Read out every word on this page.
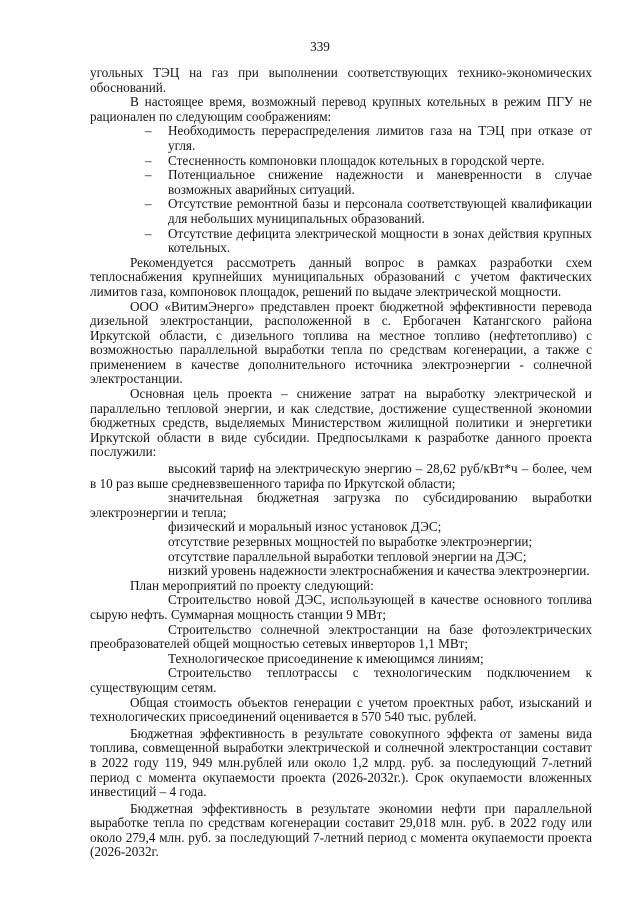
339

угольных ТЭЦ на газ при выполнении соответствующих технико-экономических обоснований.

В настоящее время, возможный перевод крупных котельных в режим ПГУ не рационален по следующим соображениям:

– Необходимость перераспределения лимитов газа на ТЭЦ при отказе от угля.

– Стесненность компоновки площадок котельных в городской черте.

– Потенциальное снижение надежности и маневренности в случае возможных аварийных ситуаций.

– Отсутствие ремонтной базы и персонала соответствующей квалификации для небольших муниципальных образований.

– Отсутствие дефицита электрической мощности в зонах действия крупных котельных.

Рекомендуется рассмотреть данный вопрос в рамках разработки схем теплоснабжения крупнейших муниципальных образований с учетом фактических лимитов газа, компоновок площадок, решений по выдаче электрической мощности.

ООО «ВитимЭнерго» представлен проект бюджетной эффективности перевода дизельной электростанции, расположенной в с. Ербогачен Катангского района Иркутской области, с дизельного топлива на местное топливо (нефтетопливо) с возможностью параллельной выработки тепла по средствам когенерации, а также с применением в качестве дополнительного источника электроэнергии - солнечной электростанции.

Основная цель проекта – снижение затрат на выработку электрической и параллельно тепловой энергии, и как следствие, достижение существенной экономии бюджетных средств, выделяемых Министерством жилищной политики и энергетики Иркутской области в виде субсидии. Предпосылками к разработке данного проекта послужили:

высокий тариф на электрическую энергию – 28,62 руб/кВт*ч – более, чем в 10 раз выше средневзвешенного тарифа по Иркутской области;

значительная бюджетная загрузка по субсидированию выработки электроэнергии и тепла;

физический и моральный износ установок ДЭС;

отсутствие резервных мощностей по выработке электроэнергии;

отсутствие параллельной выработки тепловой энергии на ДЭС;

низкий уровень надежности электроснабжения и качества электроэнергии.

План мероприятий по проекту следующий:

Строительство новой ДЭС, использующей в качестве основного топлива сырую нефть. Суммарная мощность станции 9 МВт;

Строительство солнечной электростанции на базе фотоэлектрических преобразователей общей мощностью сетевых инверторов 1,1 МВт;

Технологическое присоединение к имеющимся линиям;

Строительство теплотрассы с технологическим подключением к существующим сетям.

Общая стоимость объектов генерации с учетом проектных работ, изысканий и технологических присоединений оценивается в 570 540 тыс. рублей.

Бюджетная эффективность в результате совокупного эффекта от замены вида топлива, совмещенной выработки электрической и солнечной электростанции составит в 2022 году 119, 949 млн.рублей или около 1,2 млрд. руб. за последующий 7-летний период с момента окупаемости проекта (2026-2032г.). Срок окупаемости вложенных инвестиций – 4 года.

Бюджетная эффективность в результате экономии нефти при параллельной выработке тепла по средствам когенерации составит 29,018 млн. руб. в 2022 году или около 279,4 млн. руб. за последующий 7-летний период с момента окупаемости проекта (2026-2032г.
